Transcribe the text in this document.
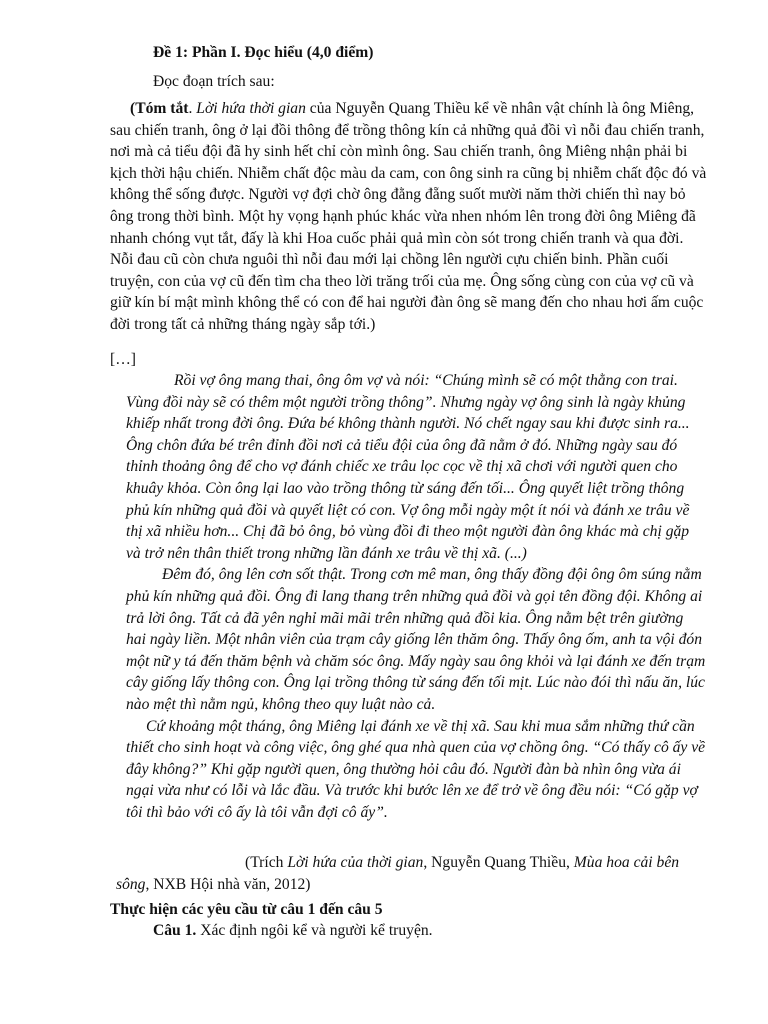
Đề 1: Phần I. Đọc hiểu (4,0 điểm)
Đọc đoạn trích sau:
(Tóm tắt. Lời hứa thời gian của Nguyễn Quang Thiều kể về nhân vật chính là ông Miêng, sau chiến tranh, ông ở lại đồi thông để trồng thông kín cả những quả đồi vì nỗi đau chiến tranh, nơi mà cả tiểu đội đã hy sinh hết chỉ còn mình ông. Sau chiến tranh, ông Miêng nhận phải bi kịch thời hậu chiến. Nhiễm chất độc màu da cam, con ông sinh ra cũng bị nhiễm chất độc đó và không thể sống được. Người vợ đợi chờ ông đằng đẵng suốt mười năm thời chiến thì nay bỏ ông trong thời bình. Một hy vọng hạnh phúc khác vừa nhen nhóm lên trong đời ông Miêng đã nhanh chóng vụt tắt, đấy là khi Hoa cuốc phải quả mìn còn sót trong chiến tranh và qua đời. Nỗi đau cũ còn chưa nguôi thì nỗi đau mới lại chồng lên người cựu chiến binh. Phần cuối truyện, con của vợ cũ đến tìm cha theo lời trăng trối của mẹ. Ông sống cùng con của vợ cũ và giữ kín bí mật mình không thể có con để hai người đàn ông sẽ mang đến cho nhau hơi ấm cuộc đời trong tất cả những tháng ngày sắp tới.)
[…]

Rồi vợ ông mang thai, ông ôm vợ và nói: “Chúng mình sẽ có một thằng con trai. Vùng đồi này sẽ có thêm một người trồng thông”. Nhưng ngày vợ ông sinh là ngày khủng khiếp nhất trong đời ông. Đứa bé không thành người. Nó chết ngay sau khi được sinh ra... Ông chôn đứa bé trên đỉnh đồi nơi cả tiểu đội của ông đã nằm ở đó. Những ngày sau đó thỉnh thoảng ông để cho vợ đánh chiếc xe trâu lọc cọc về thị xã chơi với người quen cho khuây khỏa. Còn ông lại lao vào trồng thông từ sáng đến tối... Ông quyết liệt trồng thông phủ kín những quả đồi và quyết liệt có con. Vợ ông mỗi ngày một ít nói và đánh xe trâu về thị xã nhiều hơn... Chị đã bỏ ông, bỏ vùng đồi đi theo một người đàn ông khác mà chị gặp và trở nên thân thiết trong những lần đánh xe trâu về thị xã. (...)

Đêm đó, ông lên cơn sốt thật. Trong cơn mê man, ông thấy đồng đội ông ôm súng nằm phủ kín những quả đồi. Ông đi lang thang trên những quả đồi và gọi tên đồng đội. Không ai trả lời ông. Tất cả đã yên nghỉ mãi mãi trên những quả đồi kia. Ông nằm bệt trên giường hai ngày liền. Một nhân viên của trạm cây giống lên thăm ông. Thấy ông ốm, anh ta vội đón một nữ y tá đến thăm bệnh và chăm sóc ông. Mấy ngày sau ông khỏi và lại đánh xe đến trạm cây giống lấy thông con. Ông lại trồng thông từ sáng đến tối mịt. Lúc nào đói thì nấu ăn, lúc nào mệt thì nằm ngủ, không theo quy luật nào cả.

Cứ khoảng một tháng, ông Miêng lại đánh xe về thị xã. Sau khi mua sắm những thứ cần thiết cho sinh hoạt và công việc, ông ghé qua nhà quen của vợ chồng ông. “Có thấy cô ấy về đây không?” Khi gặp người quen, ông thường hỏi câu đó. Người đàn bà nhìn ông vừa ái ngại vừa như có lỗi và lắc đầu. Và trước khi bước lên xe để trở về ông đều nói: “Có gặp vợ tôi thì bảo với cô ấy là tôi vẫn đợi cô ấy”.

(Trích Lời hứa của thời gian, Nguyễn Quang Thiều, Mùa hoa cải bên
sông, NXB Hội nhà văn, 2012)
Thực hiện các yêu cầu từ câu 1 đến câu 5
Câu 1. Xác định ngôi kể và người kể truyện.
